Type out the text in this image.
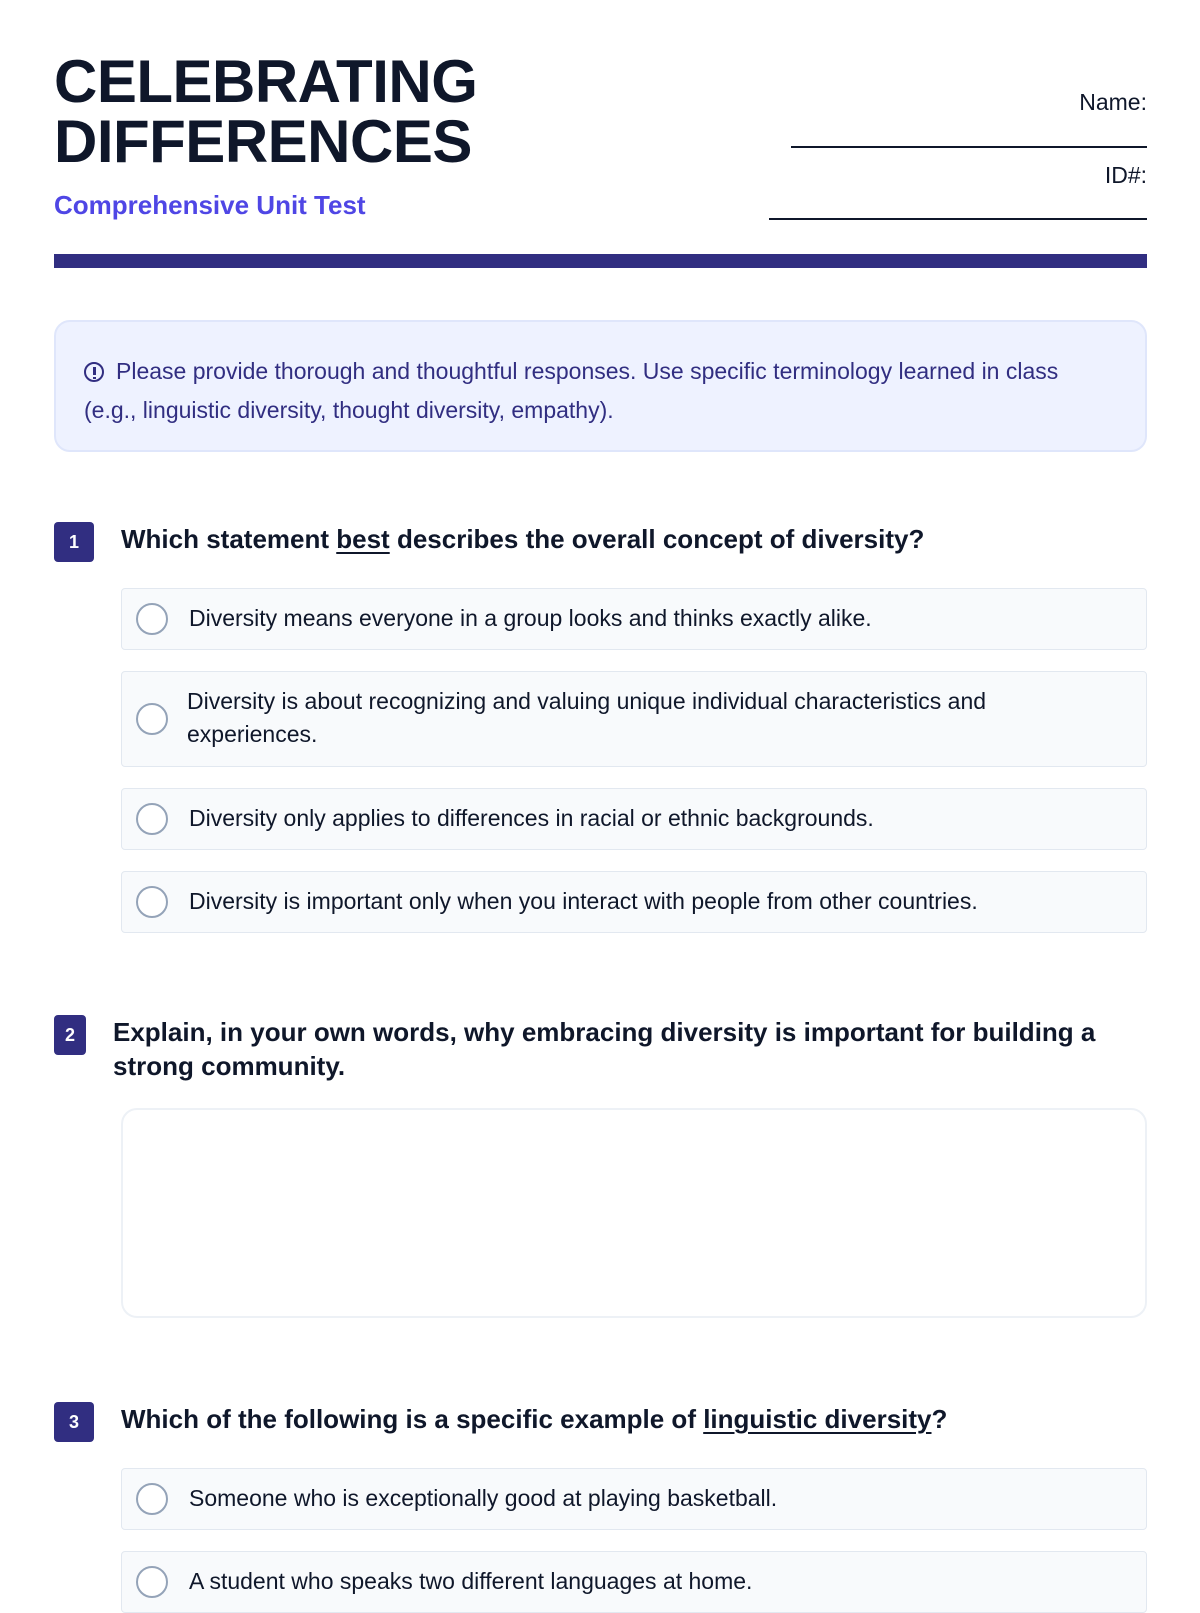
CELEBRATING
DIFFERENCES
Comprehensive Unit Test
Name:
ID#:
Please provide thorough and thoughtful responses. Use specific terminology learned in class (e.g., linguistic diversity, thought diversity, empathy).
1	Which statement best describes the overall concept of diversity?
Diversity means everyone in a group looks and thinks exactly alike.
Diversity is about recognizing and valuing unique individual characteristics and experiences.
Diversity only applies to differences in racial or ethnic backgrounds.
Diversity is important only when you interact with people from other countries.
2	Explain, in your own words, why embracing diversity is important for building a strong community.
3	Which of the following is a specific example of linguistic diversity?
Someone who is exceptionally good at playing basketball.
A student who speaks two different languages at home.
